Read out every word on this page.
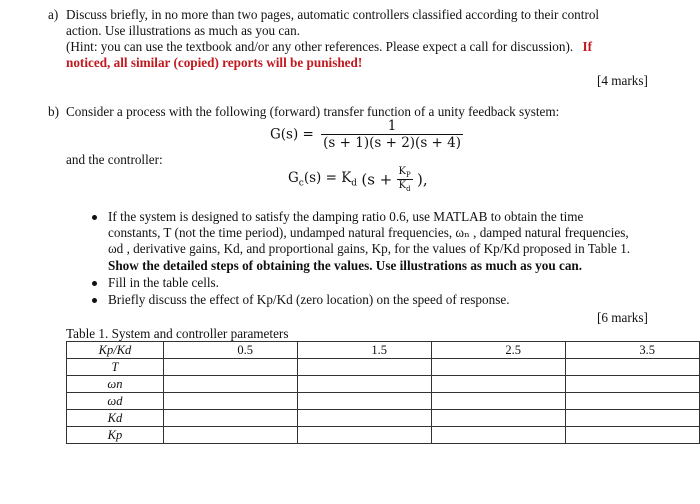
a) Discuss briefly, in no more than two pages, automatic controllers classified according to their control
action. Use illustrations as much as you can.
(Hint: you can use the textbook and/or any other references. Please expect a call for discussion). If
noticed, all similar (copied) reports will be punished!
[4 marks]
b) Consider a process with the following (forward) transfer function of a unity feedback system:
$G(s) = \frac{1}{(s + 1)(s + 2)(s + 4)}$
and the controller:
$G_c(s) = K_d$ ($s + \frac{K_P}{K_d}$ ),
If the system is designed to satisfy the damping ratio 0.6, use MATLAB to obtain the time
constants, T (not the time period), undamped natural frequencies, ωₙ , damped natural frequencies,
ωd , derivative gains, Kd, and proportional gains, Kp, for the values of Kp/Kd proposed in Table 1.
Show the detailed steps of obtaining the values. Use illustrations as much as you can.
Fill in the table cells.
Briefly discuss the effect of Kp/Kd (zero location) on the speed of response.
[6 marks]
Table 1. System and controller parameters
Kp/Kd	0.5	1.5	2.5	3.5
T				
ωn				
ωd				
Kd				
Kp				
